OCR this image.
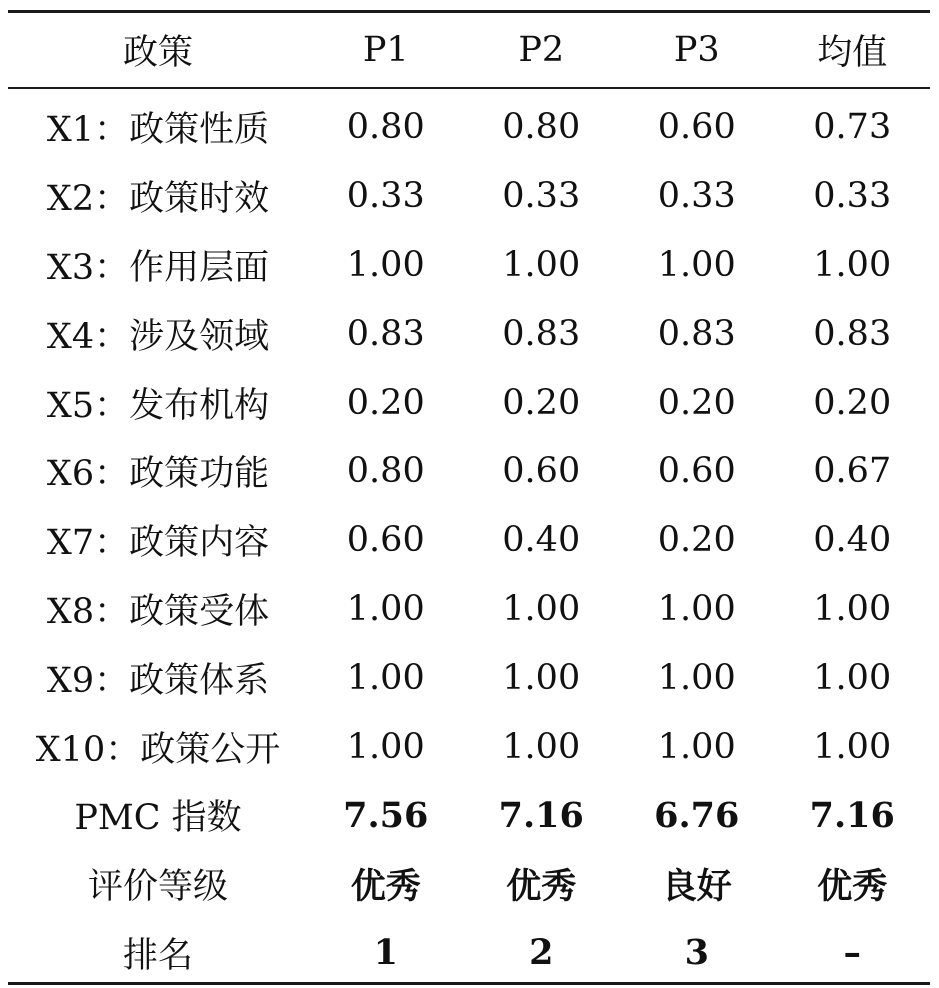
政策	P1	P2	P3	均值
X1：政策性质	0.80	0.80	0.60	0.73
X2：政策时效	0.33	0.33	0.33	0.33
X3：作用层面	1.00	1.00	1.00	1.00
X4：涉及领域	0.83	0.83	0.83	0.83
X5：发布机构	0.20	0.20	0.20	0.20
X6：政策功能	0.80	0.60	0.60	0.67
X7：政策内容	0.60	0.40	0.20	0.40
X8：政策受体	1.00	1.00	1.00	1.00
X9：政策体系	1.00	1.00	1.00	1.00
X10：政策公开	1.00	1.00	1.00	1.00
PMC 指数	7.56	7.16	6.76	7.16
评价等级	优秀	优秀	良好	优秀
排名	1	2	3	–
